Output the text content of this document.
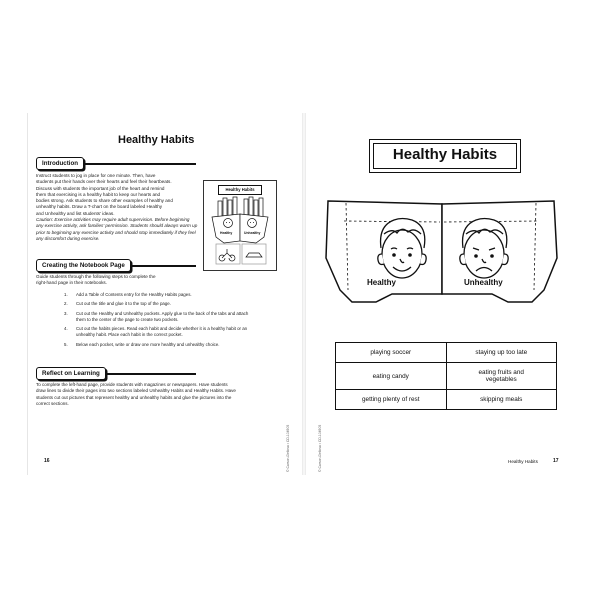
Healthy Habits
Introduction

Instruct students to jog in place for one minute. Then, have

students put their hands over their hearts and feel their heartbeats.

Discuss with students the important job of the heart and remind

them that exercising is a healthy habit to keep our hearts and

bodies strong. Ask students to share other examples of healthy and

unhealthy habits. Draw a T-chart on the board labeled Healthy

and Unhealthy and list students’ ideas.

Caution: Exercise activities may require adult supervision. Before beginning

any exercise activity, ask families’ permission. Students should always warm up

prior to beginning any exercise activity and should stop immediately if they feel

any discomfort during exercise.

Healthy Habits
Healthy	Unhealthy
Creating the Notebook Page

Guide students through the following steps to complete the

right-hand page in their notebooks.

1.	Add a Table of Contents entry for the Healthy Habits pages.
2.	Cut out the title and glue it to the top of the page.
3.	Cut out the Healthy and Unhealthy pockets. Apply glue to the back of the tabs and attach
them to the center of the page to create two pockets.
4.	Cut out the habits pieces. Read each habit and decide whether it is a healthy habit or an
unhealthy habit. Place each habit in the correct pocket.
5.	Below each pocket, write or draw one more healthy and unhealthy choice.
Reflect on Learning

To complete the left-hand page, provide students with magazines or newspapers. Have students

draw lines to divide their pages into two sections labeled Unhealthy Habits and Healthy Habits. Have

students cut out pictures that represent healthy and unhealthy habits and glue the pictures into the

correct sections.

16	© Carson-Dellosa • CD-104905	© Carson-Dellosa • CD-104905
Healthy Habits
Healthy	Unhealthy
playing soccer	staying up too late
eating candy	eating fruits and vegetables
getting plenty of rest	skipping meals
Healthy Habits	17
